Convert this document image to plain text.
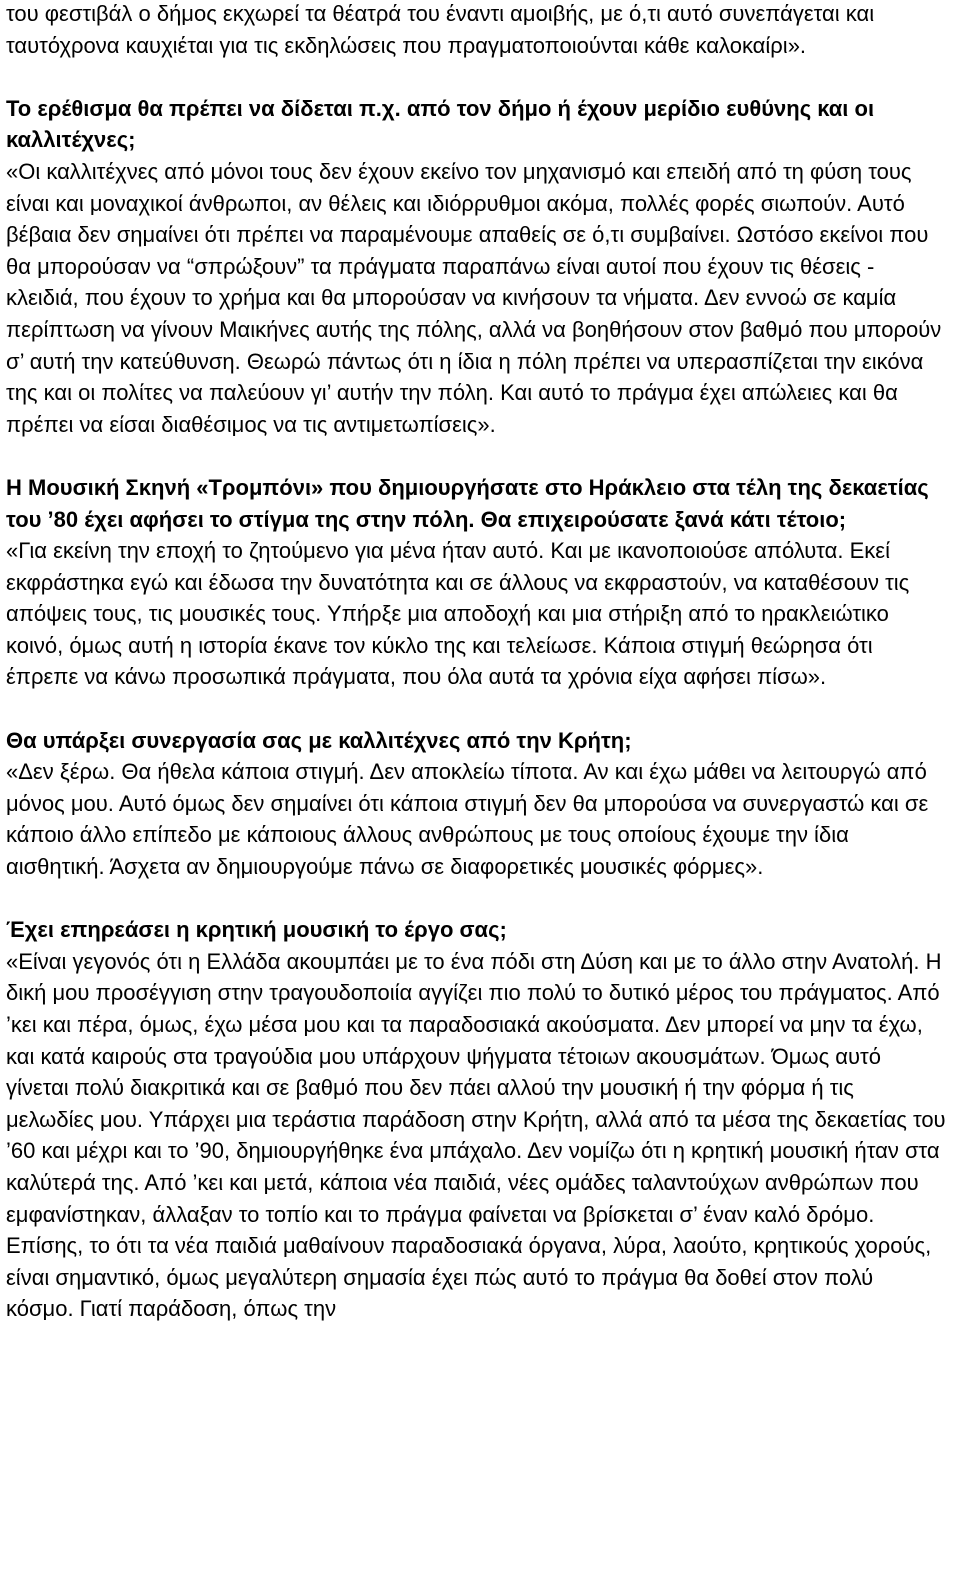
του φεστιβάλ ο δήμος εκχωρεί τα θέατρά του έναντι αμοιβής, με ό,τι αυτό συνεπάγεται και ταυτόχρονα καυχιέται για τις εκδηλώσεις που πραγματοποιούνται κάθε καλοκαίρι».

Το ερέθισμα θα πρέπει να δίδεται π.χ. από τον δήμο ή έχουν μερίδιο ευθύνης και οι καλλιτέχνες;

«Οι καλλιτέχνες από μόνοι τους δεν έχουν εκείνο τον μηχανισμό και επειδή από τη φύση τους είναι και μοναχικοί άνθρωποι, αν θέλεις και ιδιόρρυθμοι ακόμα, πολλές φορές σιωπούν. Αυτό βέβαια δεν σημαίνει ότι πρέπει να παραμένουμε απαθείς σε ό,τι συμβαίνει. Ωστόσο εκείνοι που θα μπορούσαν να “σπρώξουν” τα πράγματα παραπάνω είναι αυτοί που έχουν τις θέσεις - κλειδιά, που έχουν το χρήμα και θα μπορούσαν να κινήσουν τα νήματα. Δεν εννοώ σε καμία περίπτωση να γίνουν Μαικήνες αυτής της πόλης, αλλά να βοηθήσουν στον βαθμό που μπορούν σ’ αυτή την κατεύθυνση. Θεωρώ πάντως ότι η ίδια η πόλη πρέπει να υπερασπίζεται την εικόνα της και οι πολίτες να παλεύουν γι’ αυτήν την πόλη. Και αυτό το πράγμα έχει απώλειες και θα πρέπει να είσαι διαθέσιμος να τις αντιμετωπίσεις».

Η Μουσική Σκηνή «Τρομπόνι» που δημιουργήσατε στο Ηράκλειο στα τέλη της δεκαετίας του ’80 έχει αφήσει το στίγμα της στην πόλη. Θα επιχειρούσατε ξανά κάτι τέτοιο;

«Για εκείνη την εποχή το ζητούμενο για μένα ήταν αυτό. Και με ικανοποιούσε απόλυτα. Εκεί εκφράστηκα εγώ και έδωσα την δυνατότητα και σε άλλους να εκφραστούν, να καταθέσουν τις απόψεις τους, τις μουσικές τους. Υπήρξε μια αποδοχή και μια στήριξη από το ηρακλειώτικο κοινό, όμως αυτή η ιστορία έκανε τον κύκλο της και τελείωσε. Κάποια στιγμή θεώρησα ότι έπρεπε να κάνω προσωπικά πράγματα, που όλα αυτά τα χρόνια είχα αφήσει πίσω».

Θα υπάρξει συνεργασία σας με καλλιτέχνες από την Κρήτη;

«Δεν ξέρω. Θα ήθελα κάποια στιγμή. Δεν αποκλείω τίποτα. Αν και έχω μάθει να λειτουργώ από μόνος μου. Αυτό όμως δεν σημαίνει ότι κάποια στιγμή δεν θα μπορούσα να συνεργαστώ και σε κάποιο άλλο επίπεδο με κάποιους άλλους ανθρώπους με τους οποίους έχουμε την ίδια αισθητική. Άσχετα αν δημιουργούμε πάνω σε διαφορετικές μουσικές φόρμες».

Έχει επηρεάσει η κρητική μουσική το έργο σας;

«Είναι γεγονός ότι η Ελλάδα ακουμπάει με το ένα πόδι στη Δύση και με το άλλο στην Ανατολή. Η δική μου προσέγγιση στην τραγουδοποιία αγγίζει πιο πολύ το δυτικό μέρος του πράγματος. Από ’κει και πέρα, όμως, έχω μέσα μου και τα παραδοσιακά ακούσματα. Δεν μπορεί να μην τα έχω, και κατά καιρούς στα τραγούδια μου υπάρχουν ψήγματα τέτοιων ακουσμάτων. Όμως αυτό γίνεται πολύ διακριτικά και σε βαθμό που δεν πάει αλλού την μουσική ή την φόρμα ή τις μελωδίες μου. Υπάρχει μια τεράστια παράδοση στην Κρήτη, αλλά από τα μέσα της δεκαετίας του ’60 και μέχρι και το ’90, δημιουργήθηκε ένα μπάχαλο. Δεν νομίζω ότι η κρητική μουσική ήταν στα καλύτερά της. Από ’κει και μετά, κάποια νέα παιδιά, νέες ομάδες ταλαντούχων ανθρώπων που εμφανίστηκαν, άλλαξαν το τοπίο και το πράγμα φαίνεται να βρίσκεται σ’ έναν καλό δρόμο. Επίσης, το ότι τα νέα παιδιά μαθαίνουν παραδοσιακά όργανα, λύρα, λαούτο, κρητικούς χορούς, είναι σημαντικό, όμως μεγαλύτερη σημασία έχει πώς αυτό το πράγμα θα δοθεί στον πολύ κόσμο. Γιατί παράδοση, όπως την
